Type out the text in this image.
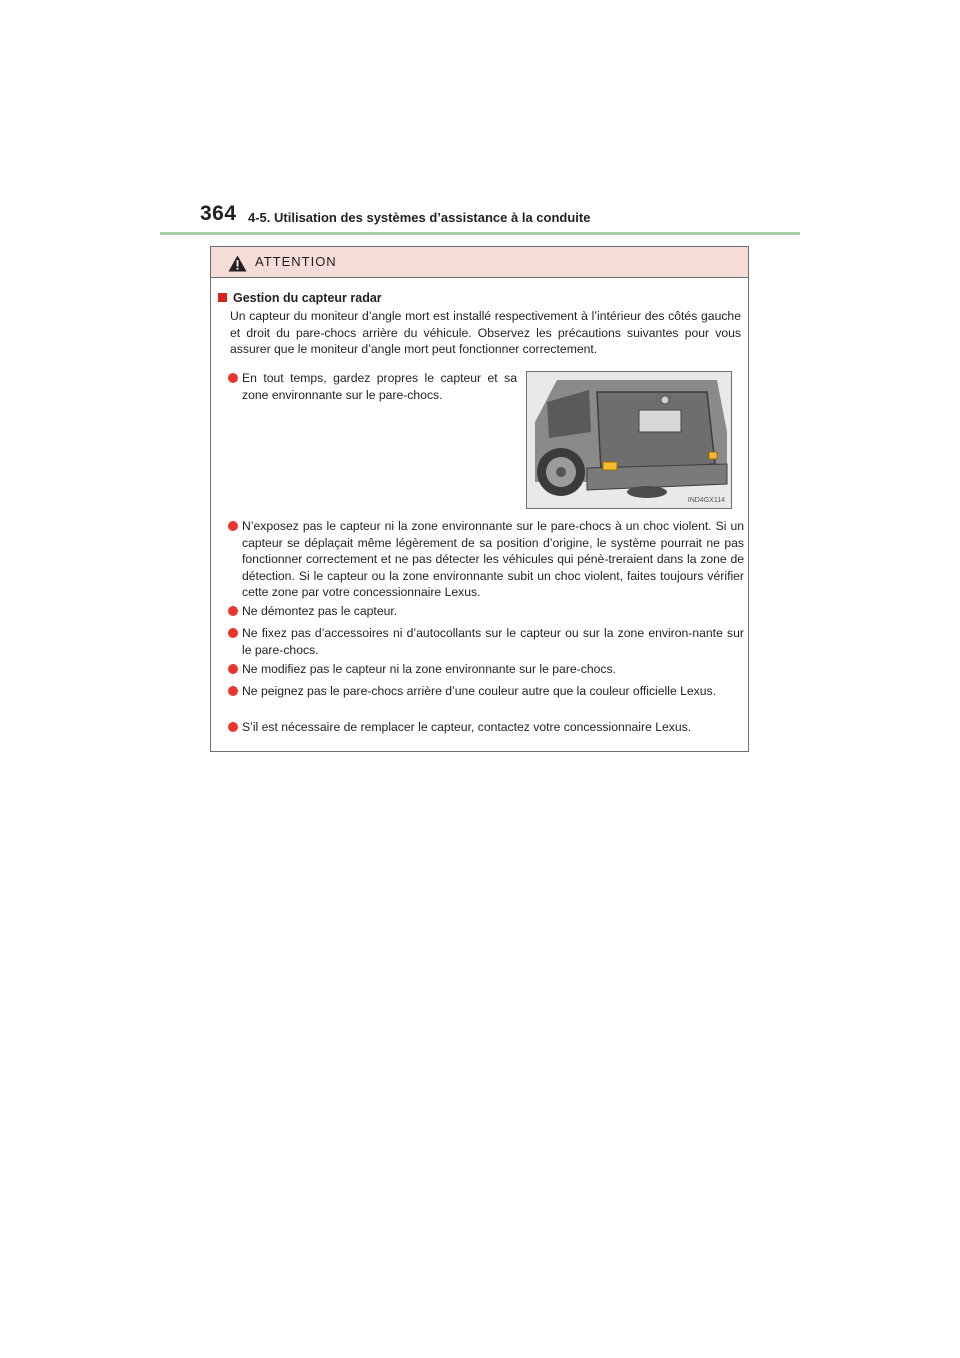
364 4-5. Utilisation des systèmes d’assistance à la conduite
ATTENTION
Gestion du capteur radar
Un capteur du moniteur d’angle mort est installé respectivement à l’intérieur des côtés gauche et droit du pare-chocs arrière du véhicule. Observez les précautions suivantes pour vous assurer que le moniteur d’angle mort peut fonctionner correctement.
En tout temps, gardez propres le capteur et sa zone environnante sur le pare-chocs.
IND4GX114
N’exposez pas le capteur ni la zone environnante sur le pare-chocs à un choc violent. Si un capteur se déplaçait même légèrement de sa position d’origine, le système pourrait ne pas fonctionner correctement et ne pas détecter les véhicules qui pénè-treraient dans la zone de détection. Si le capteur ou la zone environnante subit un choc violent, faites toujours vérifier cette zone par votre concessionnaire Lexus.
Ne démontez pas le capteur.
Ne fixez pas d’accessoires ni d’autocollants sur le capteur ou sur la zone environ-nante sur le pare-chocs.
Ne modifiez pas le capteur ni la zone environnante sur le pare-chocs.
Ne peignez pas le pare-chocs arrière d’une couleur autre que la couleur officielle Lexus.
S’il est nécessaire de remplacer le capteur, contactez votre concessionnaire Lexus.
